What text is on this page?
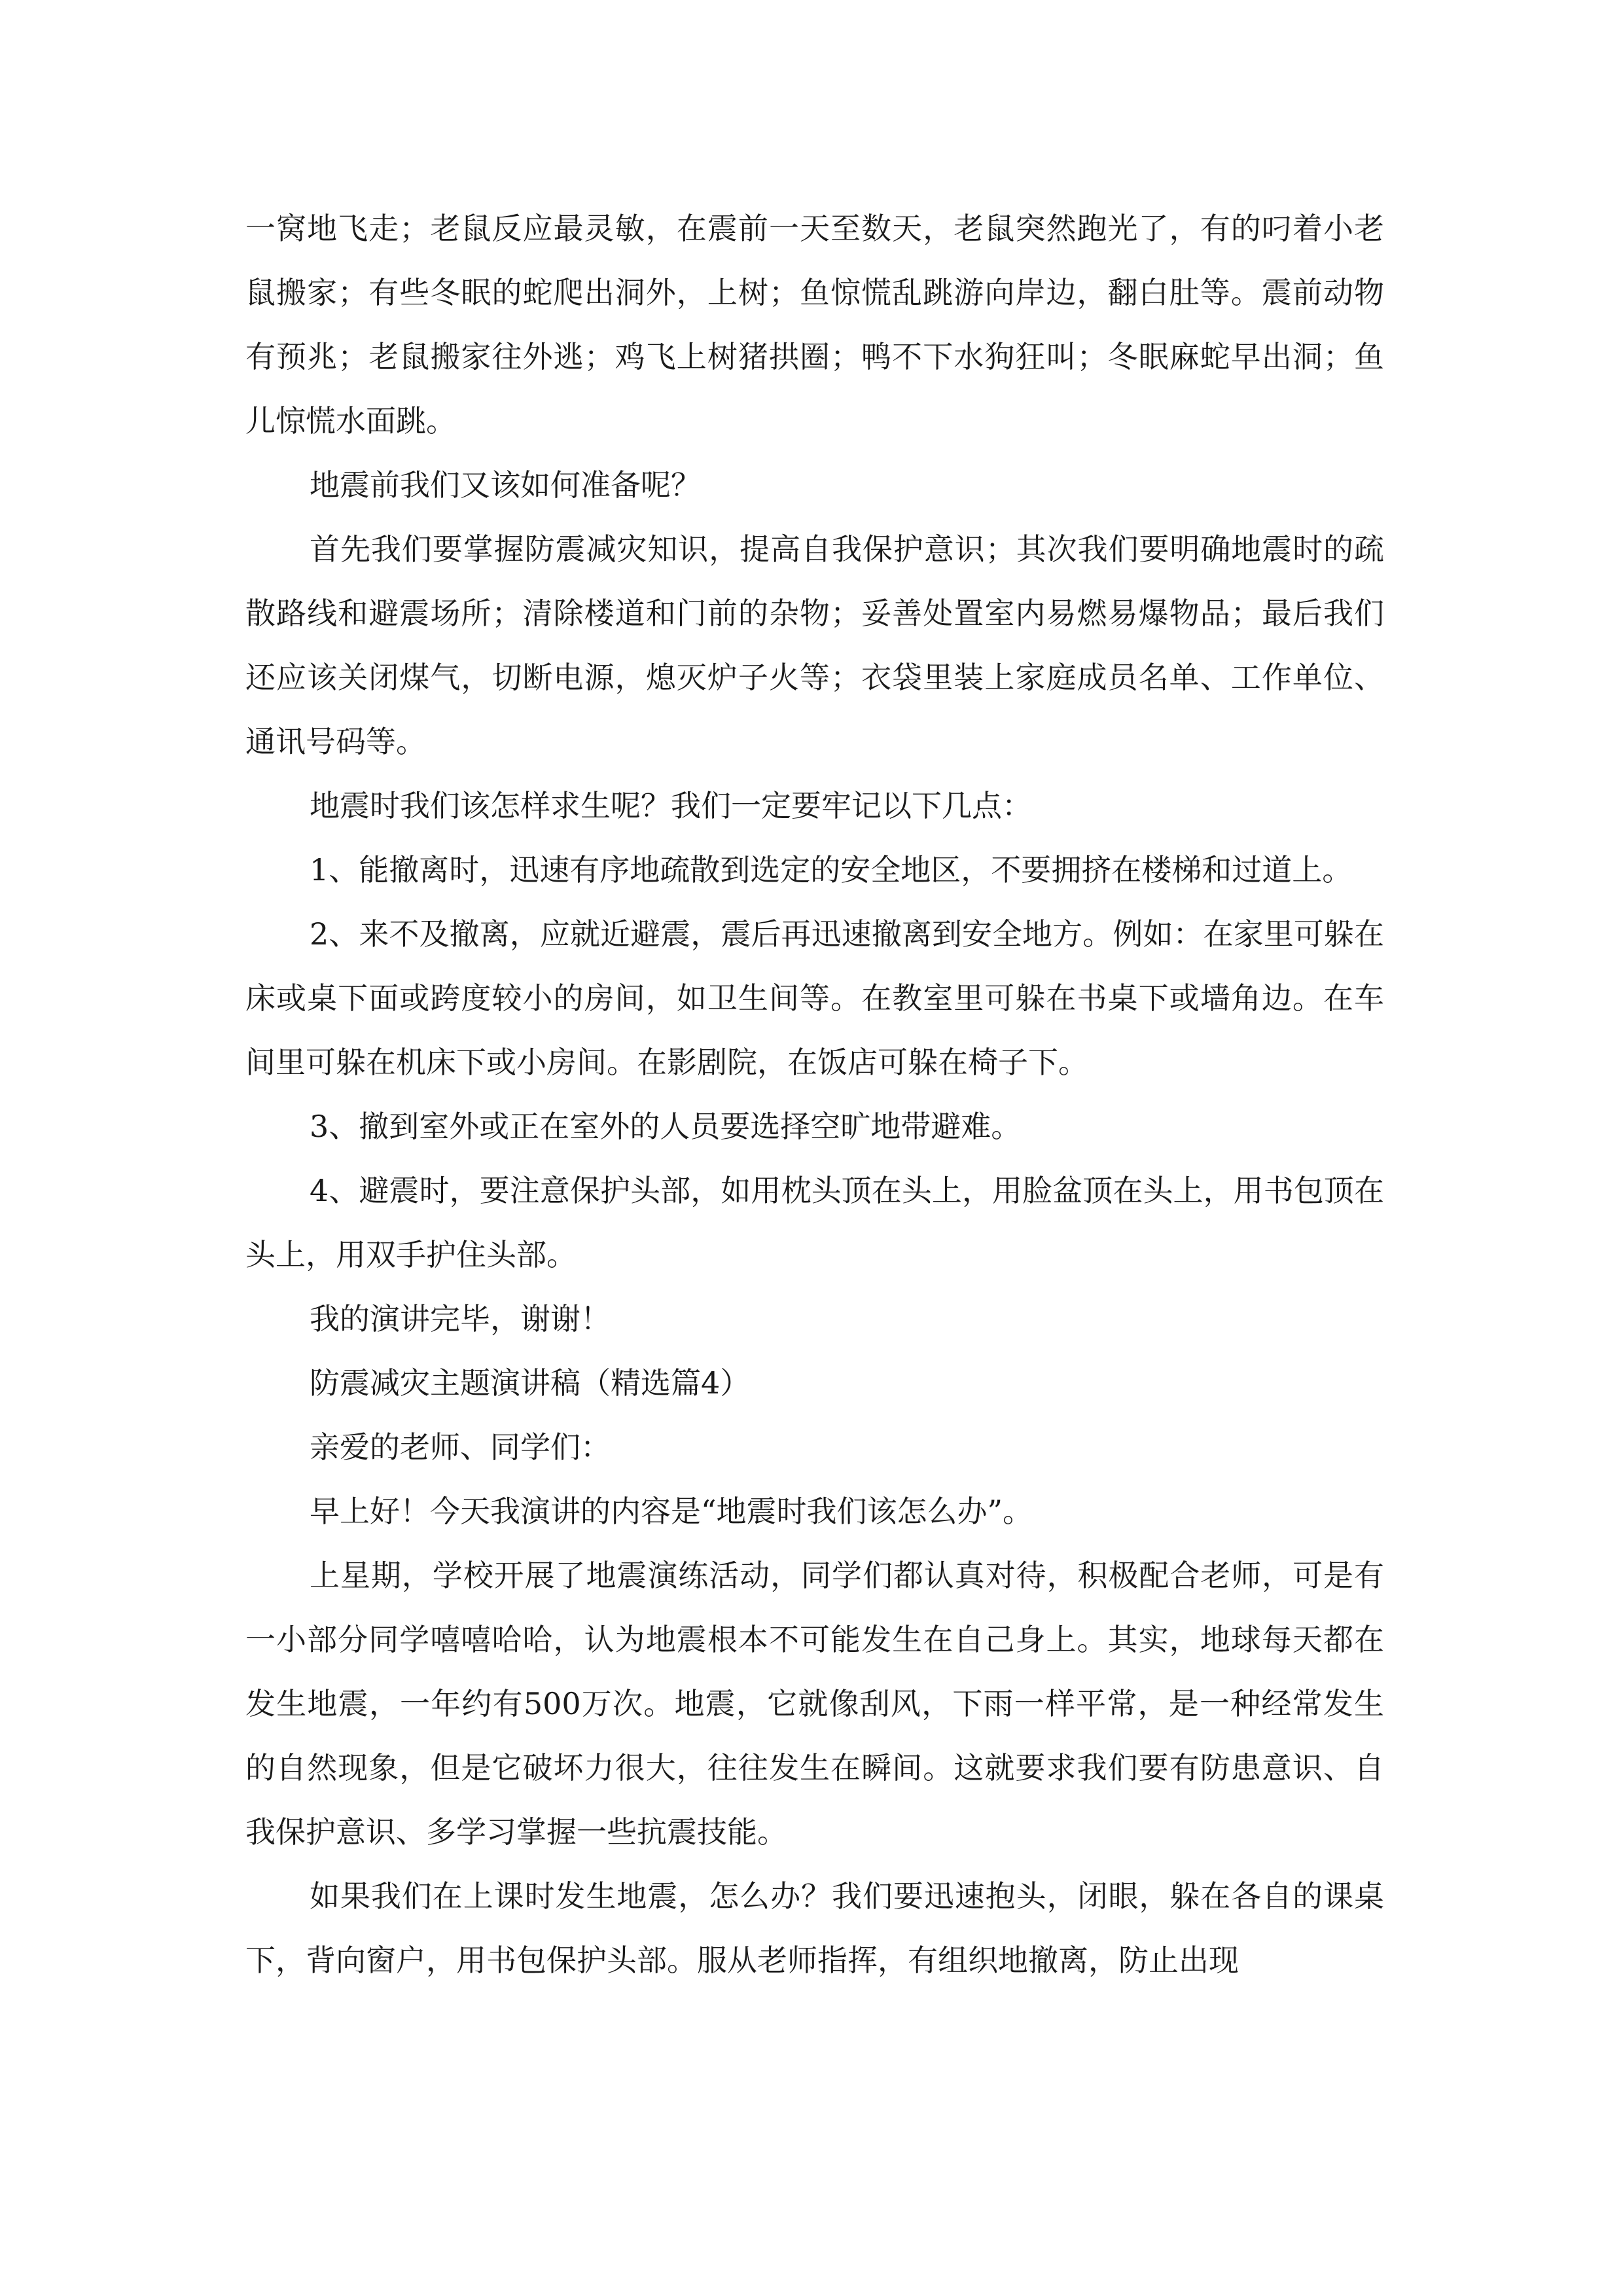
一窝地飞走；老鼠反应最灵敏，在震前一天至数天，老鼠突然跑光了，有的叼着小老鼠搬家；有些冬眠的蛇爬出洞外，上树；鱼惊慌乱跳游向岸边，翻白肚等。震前动物有预兆；老鼠搬家往外逃；鸡飞上树猪拱圈；鸭不下水狗狂叫；冬眠麻蛇早出洞；鱼儿惊慌水面跳。

地震前我们又该如何准备呢？

首先我们要掌握防震减灾知识，提高自我保护意识；其次我们要明确地震时的疏散路线和避震场所；清除楼道和门前的杂物；妥善处置室内易燃易爆物品；最后我们还应该关闭煤气，切断电源，熄灭炉子火等；衣袋里装上家庭成员名单、工作单位、通讯号码等。

地震时我们该怎样求生呢？我们一定要牢记以下几点：

1、能撤离时，迅速有序地疏散到选定的安全地区，不要拥挤在楼梯和过道上。

2、来不及撤离，应就近避震，震后再迅速撤离到安全地方。例如：在家里可躲在床或桌下面或跨度较小的房间，如卫生间等。在教室里可躲在书桌下或墙角边。在车间里可躲在机床下或小房间。在影剧院，在饭店可躲在椅子下。

3、撤到室外或正在室外的人员要选择空旷地带避难。

4、避震时，要注意保护头部，如用枕头顶在头上，用脸盆顶在头上，用书包顶在头上，用双手护住头部。

我的演讲完毕，谢谢！

防震减灾主题演讲稿（精选篇4）

亲爱的老师、同学们：

早上好！今天我演讲的内容是“地震时我们该怎么办”。

上星期，学校开展了地震演练活动，同学们都认真对待，积极配合老师，可是有一小部分同学嘻嘻哈哈，认为地震根本不可能发生在自己身上。其实，地球每天都在发生地震，一年约有500万次。地震，它就像刮风，下雨一样平常，是一种经常发生的自然现象，但是它破坏力很大，往往发生在瞬间。这就要求我们要有防患意识、自我保护意识、多学习掌握一些抗震技能。

如果我们在上课时发生地震，怎么办？我们要迅速抱头，闭眼，躲在各自的课桌下，背向窗户，用书包保护头部。服从老师指挥，有组织地撤离，防止出现
